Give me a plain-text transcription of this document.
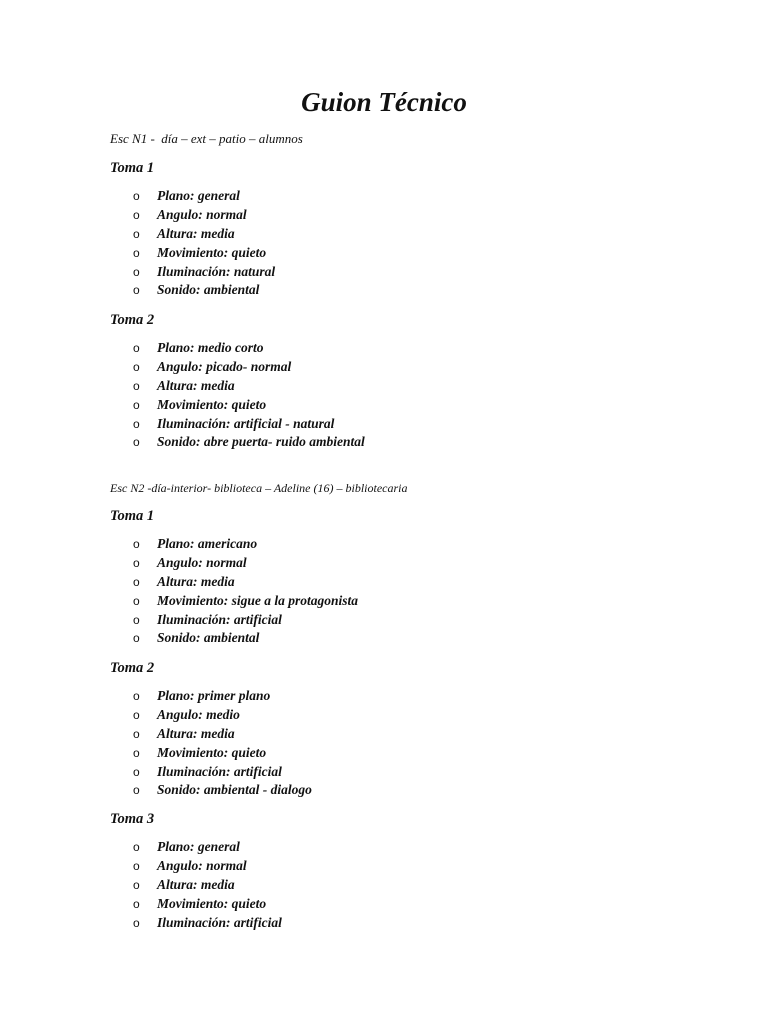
Guion Técnico
Esc N1 -  día – ext – patio – alumnos
Toma 1
o Plano: general
o Angulo: normal
o Altura: media
o Movimiento: quieto
o Iluminación: natural
o Sonido: ambiental
Toma 2
o Plano: medio corto
o Angulo: picado- normal
o Altura: media
o Movimiento: quieto
o Iluminación: artificial - natural
o Sonido: abre puerta- ruido ambiental
Esc N2 -día-interior- biblioteca – Adeline (16) – bibliotecaria
Toma 1
o Plano: americano
o Angulo: normal
o Altura: media
o Movimiento: sigue a la protagonista
o Iluminación: artificial
o Sonido: ambiental
Toma 2
o Plano: primer plano
o Angulo: medio
o Altura: media
o Movimiento: quieto
o Iluminación: artificial
o Sonido: ambiental - dialogo
Toma 3
o Plano: general
o Angulo: normal
o Altura: media
o Movimiento: quieto
o Iluminación: artificial
